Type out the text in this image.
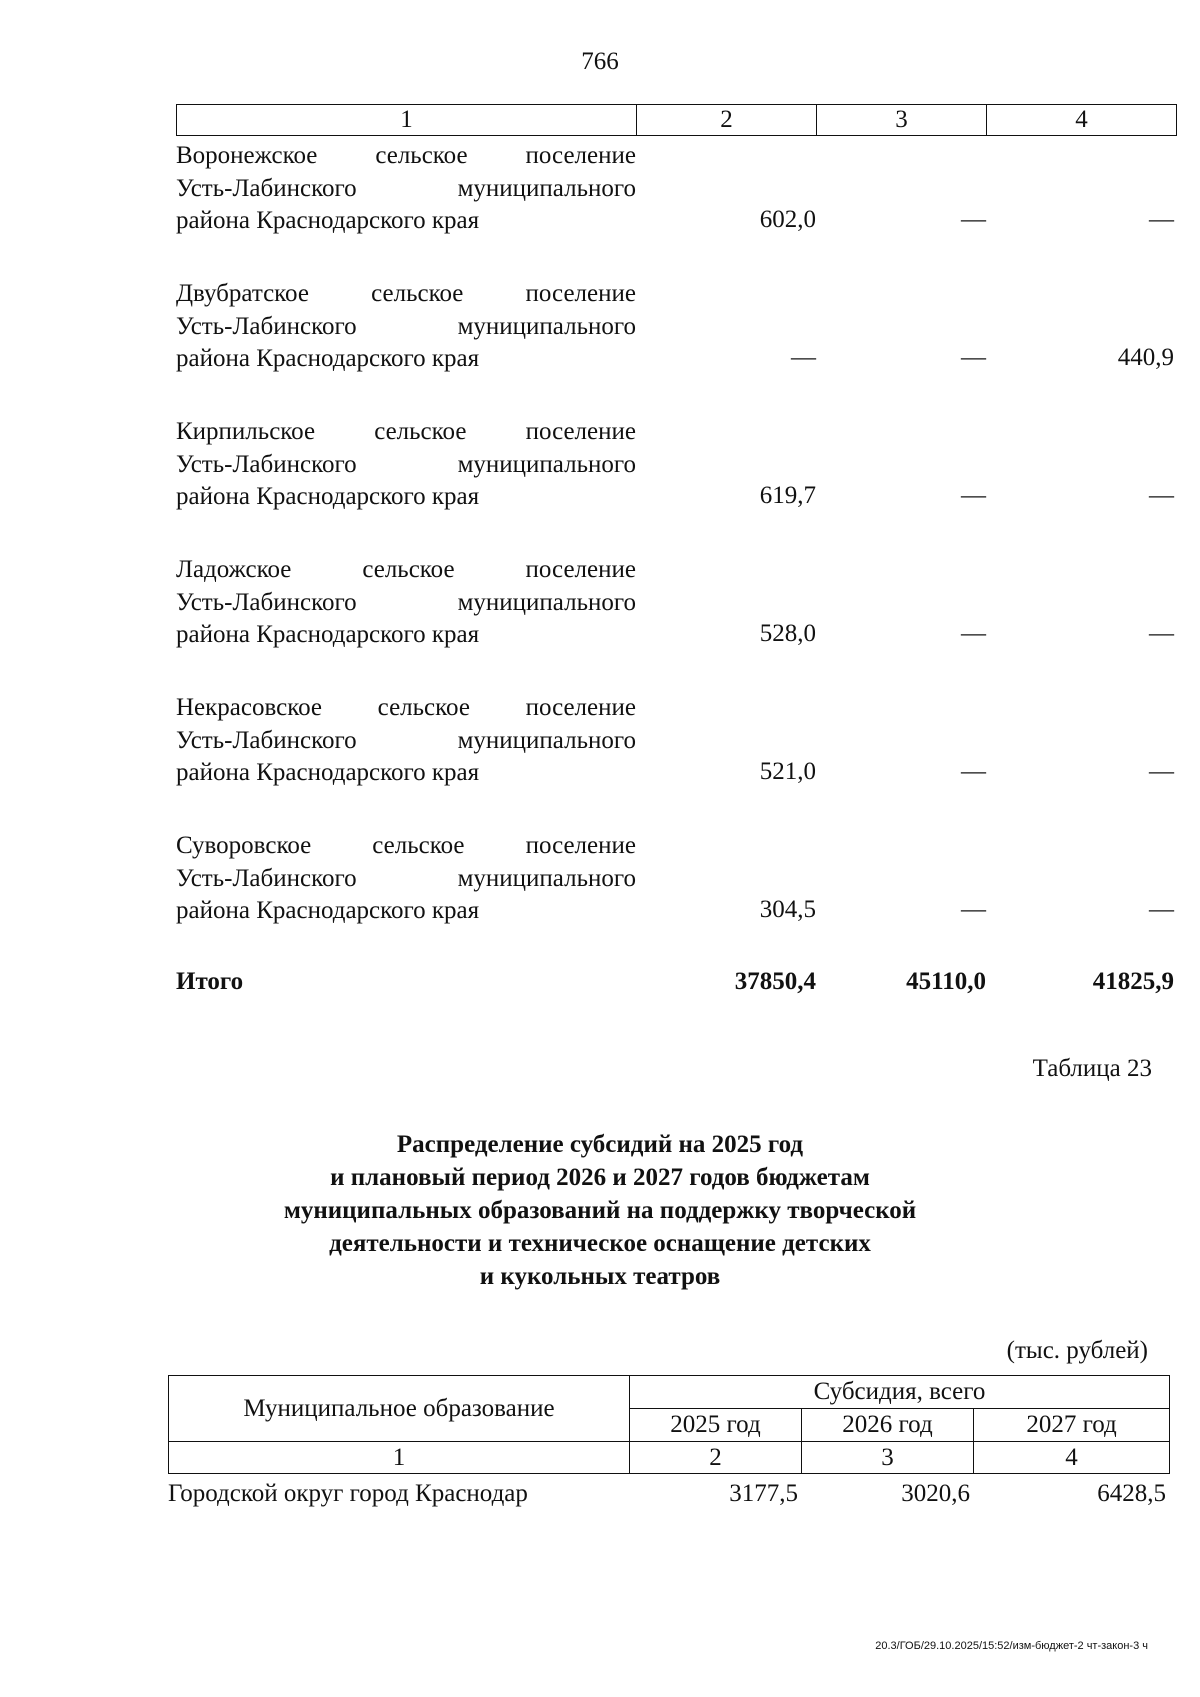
766
1	2	3	4
Воронежское сельское поселение
Усть-Лабинского	муниципального
района Краснодарского края	602,0	—	—
Двубратское сельское поселение
Усть-Лабинского	муниципального
района Краснодарского края	—	—	440,9
Кирпильское сельское поселение
Усть-Лабинского	муниципального
района Краснодарского края	619,7	—	—
Ладожское	сельское	поселение
Усть-Лабинского	муниципального
района Краснодарского края	528,0	—	—
Некрасовское сельское поселение
Усть-Лабинского	муниципального
района Краснодарского края	521,0	—	—
Суворовское сельское поселение
Усть-Лабинского	муниципального
района Краснодарского края	304,5	—	—
Итого	37850,4	45110,0	41825,9
Таблица 23
Распределение субсидий на 2025 год
и плановый период 2026 и 2027 годов бюджетам
муниципальных образований на поддержку творческой
деятельности и техническое оснащение детских
и кукольных театров
(тыс. рублей)
Муниципальное образование	Субсидия, всего		
	2025 год	2026 год	2027 год
1	2	3	4
Городской округ город Краснодар	3177,5	3020,6	6428,5
20.3/ГОБ/29.10.2025/15:52/изм-бюджет-2 чт-закон-3 ч
